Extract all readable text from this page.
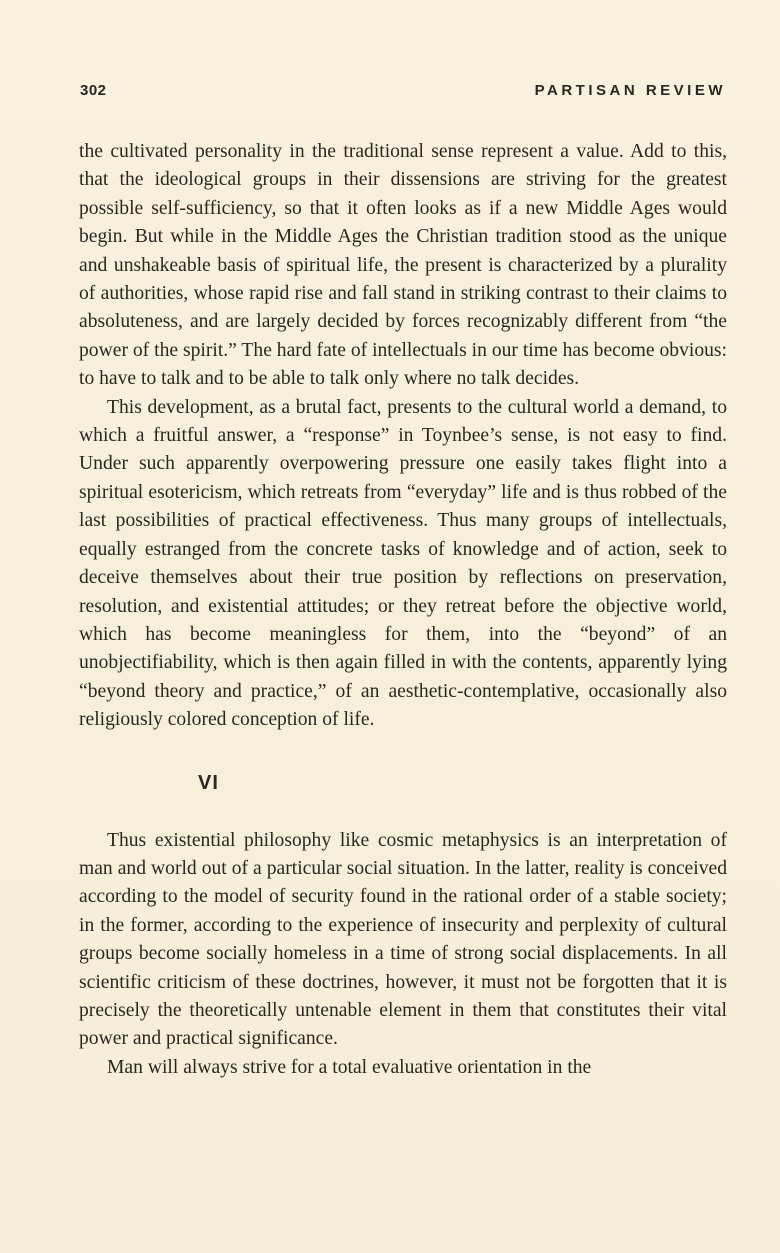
302	PARTISAN REVIEW

the cultivated personality in the traditional sense represent a value. Add to this, that the ideological groups in their dissensions are striving for the greatest possible self-sufficiency, so that it often looks as if a new Middle Ages would begin. But while in the Middle Ages the Christian tradition stood as the unique and unshakeable basis of spiritual life, the present is characterized by a plurality of authorities, whose rapid rise and fall stand in striking contrast to their claims to absoluteness, and are largely decided by forces recognizably different from “the power of the spirit.” The hard fate of intellectuals in our time has become obvious: to have to talk and to be able to talk only where no talk decides.

This development, as a brutal fact, presents to the cultural world a demand, to which a fruitful answer, a “response” in Toynbee’s sense, is not easy to find. Under such apparently overpowering pressure one easily takes flight into a spiritual esotericism, which retreats from “everyday” life and is thus robbed of the last possibilities of practical effectiveness. Thus many groups of intellectuals, equally estranged from the concrete tasks of knowledge and of action, seek to deceive themselves about their true position by reflections on preservation, resolution, and existential attitudes; or they retreat before the objective world, which has become meaningless for them, into the “beyond” of an unobjectifiability, which is then again filled in with the contents, apparently lying “beyond theory and practice,” of an aesthetic-contemplative, occasionally also religiously colored conception of life.

VI

Thus existential philosophy like cosmic metaphysics is an interpretation of man and world out of a particular social situation. In the latter, reality is conceived according to the model of security found in the rational order of a stable society; in the former, according to the experience of insecurity and perplexity of cultural groups become socially homeless in a time of strong social displacements. In all scientific criticism of these doctrines, however, it must not be forgotten that it is precisely the theoretically untenable element in them that constitutes their vital power and practical significance.

Man will always strive for a total evaluative orientation in the
